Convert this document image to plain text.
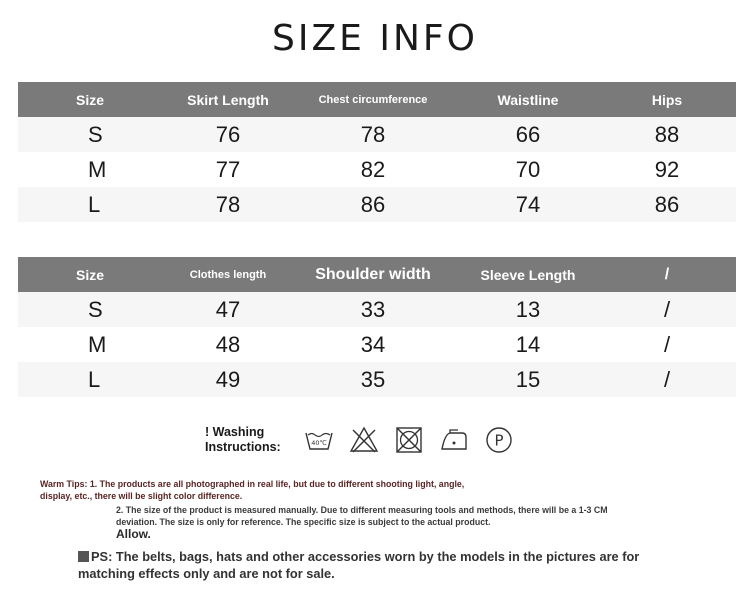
SIZE INFO
Size	Skirt Length	Chest circumference	Waistline	Hips
S	76	78	66	88
M	77	82	70	92
L	78	86	74	86
Size	Clothes length	Shoulder width	Sleeve Length	/
S	47	33	13	/
M	48	34	14	/
L	49	35	15	/
! Washing
Instructions:	40℃	P
Warm Tips: 1. The products are all photographed in real life, but due to different shooting light, angle,
display, etc., there will be slight color difference.
2. The size of the product is measured manually. Due to different measuring tools and methods, there will be a 1-3 CM
deviation. The size is only for reference. The specific size is subject to the actual product.
Allow.
PS: The belts, bags, hats and other accessories worn by the models in the pictures are for
matching effects only and are not for sale.
